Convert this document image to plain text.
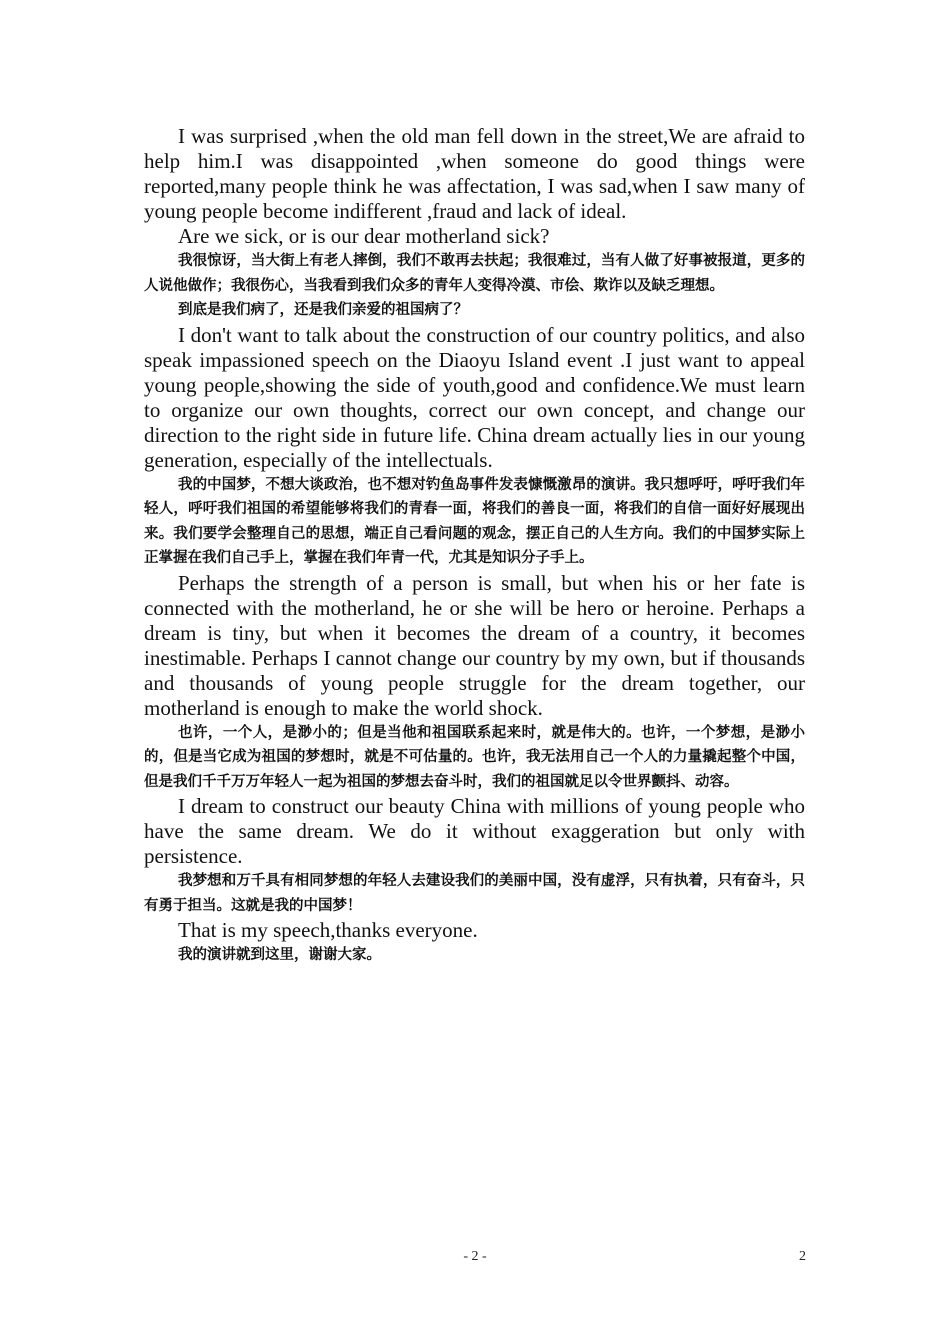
I was surprised ,when the old man fell down in the street,We are afraid to help him.I was disappointed ,when someone do good things were reported,many people think he was affectation, I was sad,when I saw many of young people become indifferent ,fraud and lack of ideal.

Are we sick, or is our dear motherland sick?

我很惊讶，当大街上有老人摔倒，我们不敢再去扶起；我很难过，当有人做了好事被报道，更多的人说他做作；我很伤心，当我看到我们众多的青年人变得冷漠、市侩、欺诈以及缺乏理想。

到底是我们病了，还是我们亲爱的祖国病了？

I don't want to talk about the construction of our country politics, and also speak impassioned speech on the Diaoyu Island event .I just want to appeal young people,showing the side of youth,good and confidence.We must learn to organize our own thoughts, correct our own concept, and change our direction to the right side in future life. China dream actually lies in our young generation, especially of the intellectuals.

我的中国梦，不想大谈政治，也不想对钓鱼岛事件发表慷慨激昂的演讲。我只想呼吁，呼吁我们年轻人，呼吁我们祖国的希望能够将我们的青春一面，将我们的善良一面，将我们的自信一面好好展现出来。我们要学会整理自己的思想，端正自己看问题的观念，摆正自己的人生方向。我们的中国梦实际上正掌握在我们自己手上，掌握在我们年青一代，尤其是知识分子手上。

Perhaps the strength of a person is small, but when his or her fate is connected with the motherland, he or she will be hero or heroine. Perhaps a dream is tiny, but when it becomes the dream of a country, it becomes inestimable. Perhaps I cannot change our country by my own, but if thousands and thousands of young people struggle for the dream together, our motherland is enough to make the world shock.

也许，一个人，是渺小的；但是当他和祖国联系起来时，就是伟大的。也许，一个梦想，是渺小的，但是当它成为祖国的梦想时，就是不可估量的。也许，我无法用自己一个人的力量撬起整个中国，但是我们千千万万年轻人一起为祖国的梦想去奋斗时，我们的祖国就足以令世界颤抖、动容。

I dream to construct our beauty China with millions of young people who have the same dream. We do it without exaggeration but only with persistence.

我梦想和万千具有相同梦想的年轻人去建设我们的美丽中国，没有虚浮，只有执着，只有奋斗，只有勇于担当。这就是我的中国梦！

That is my speech,thanks everyone.

我的演讲就到这里，谢谢大家。

- 2 -	2
